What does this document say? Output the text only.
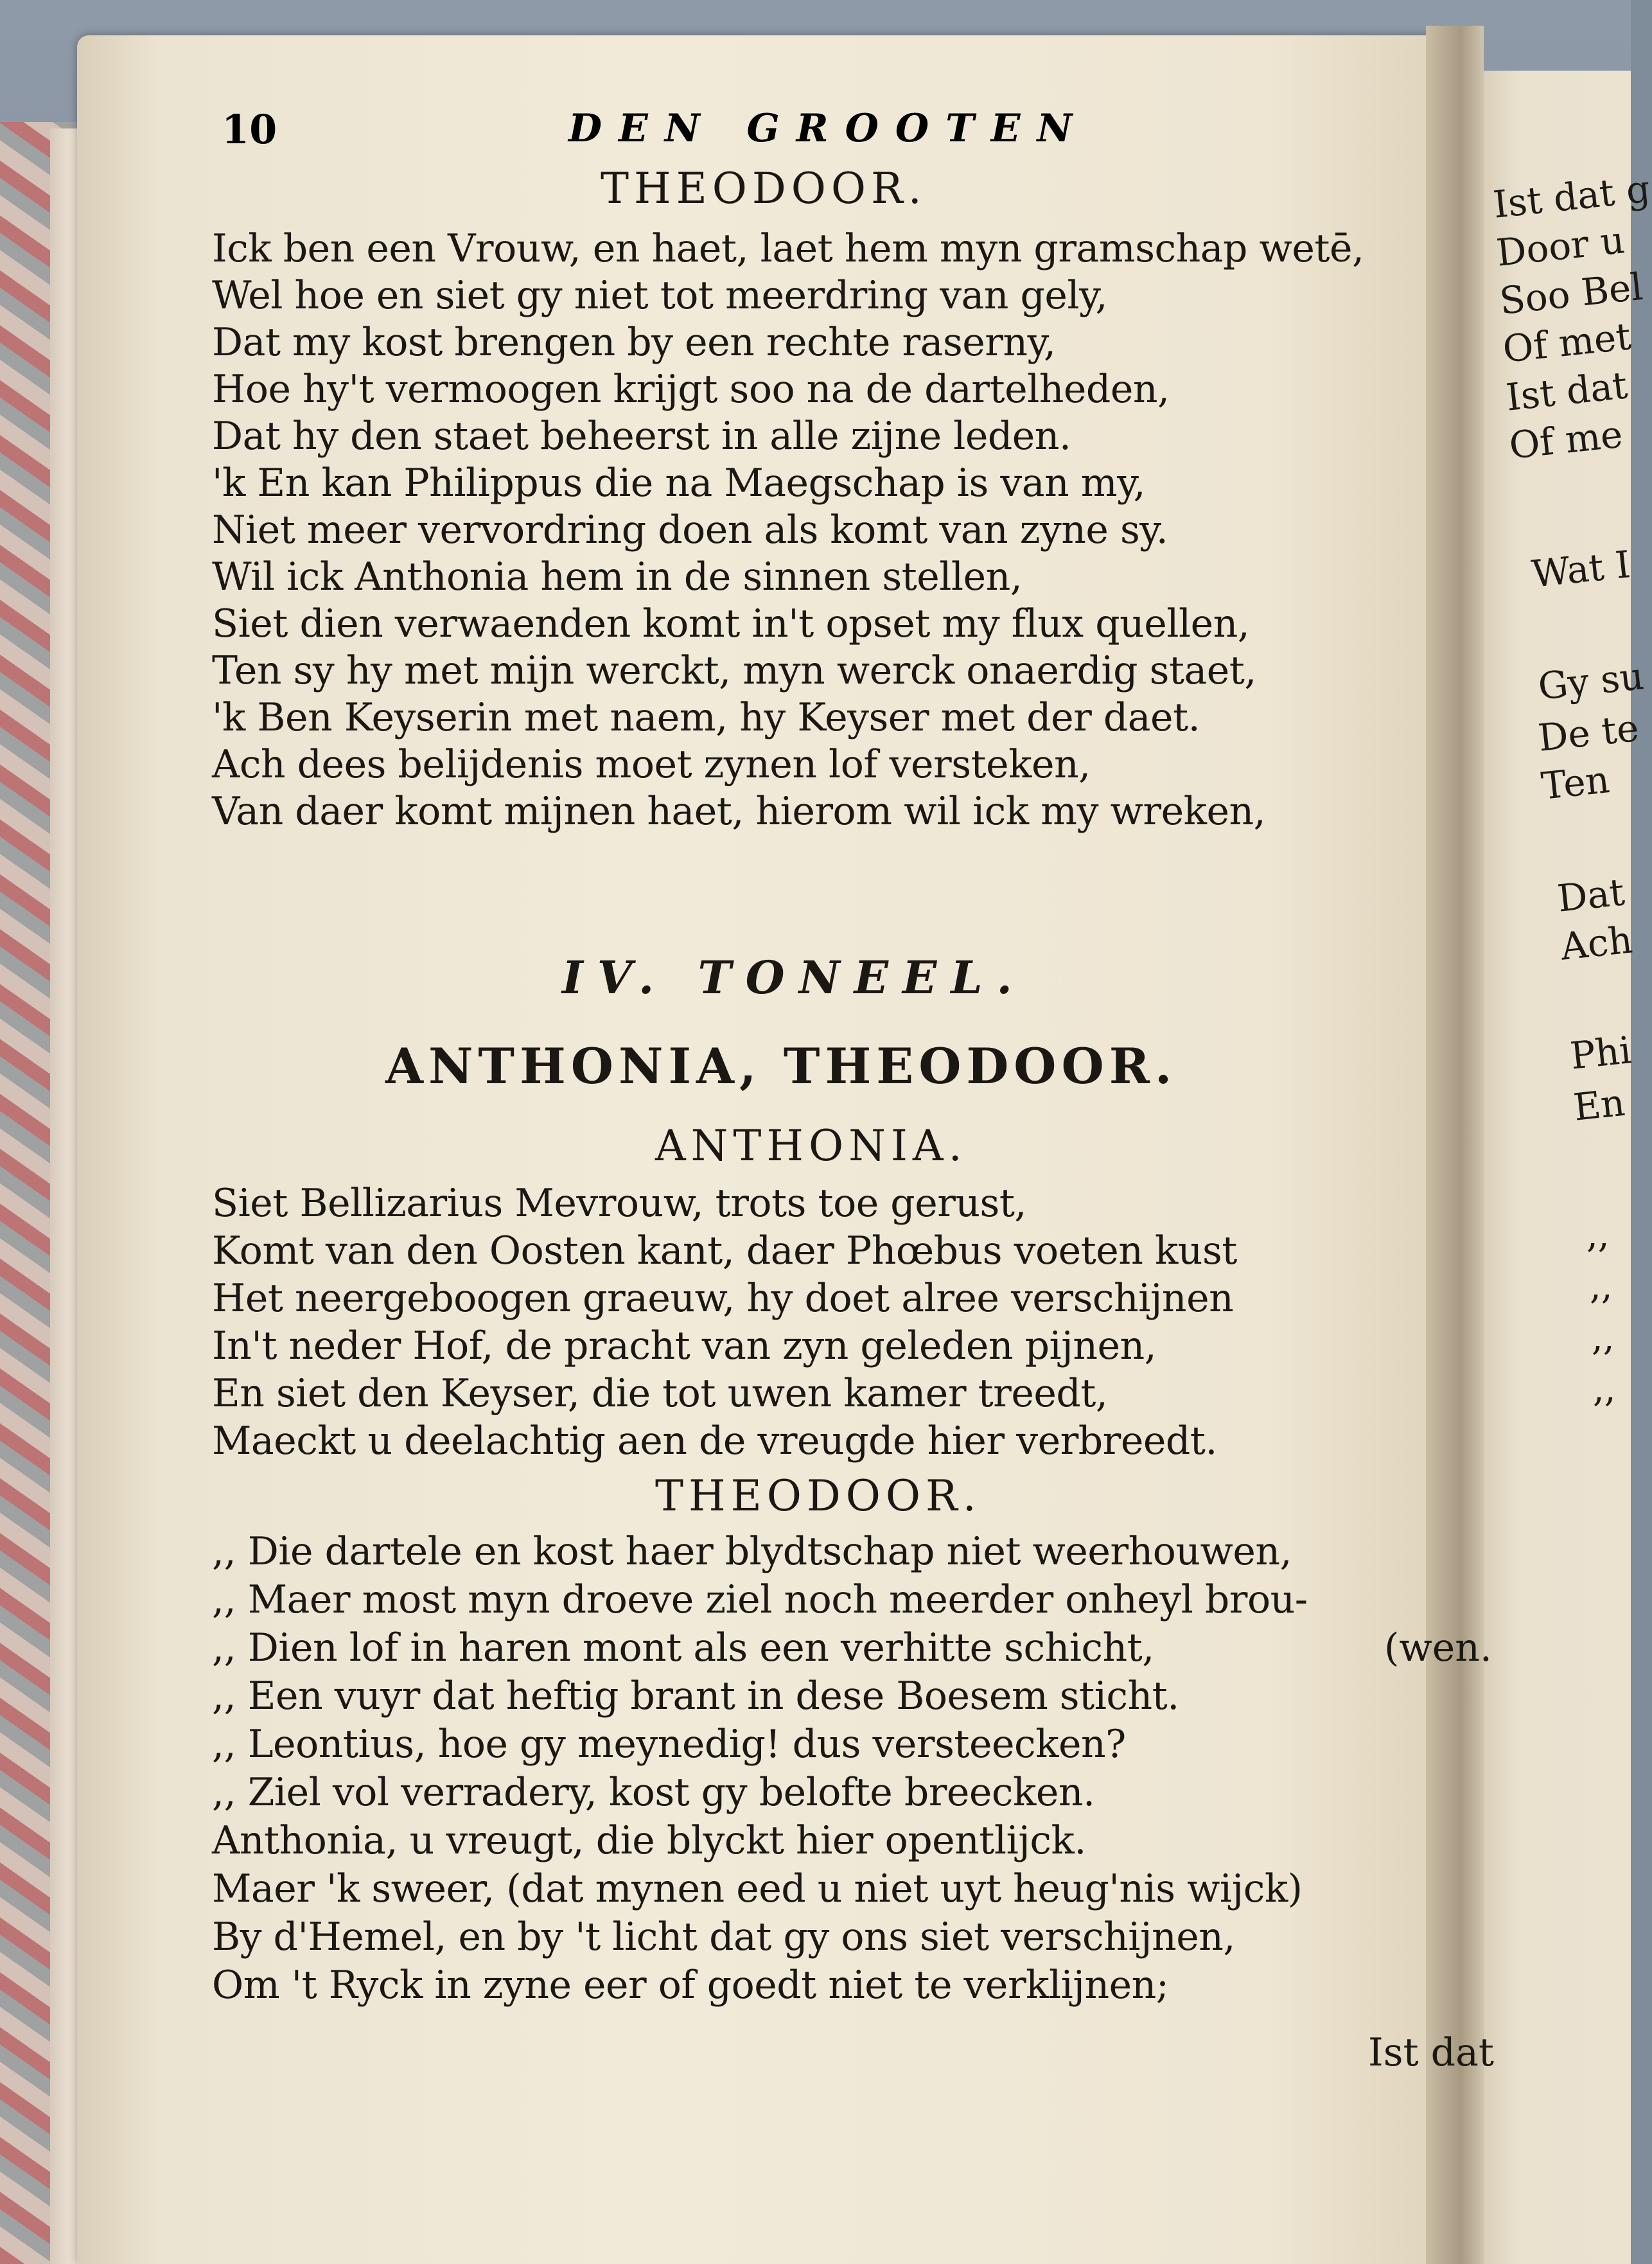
10	DEN GROOTEN
THEODOOR.
Ick ben een Vrouw, en haet, laet hem myn gramschap wetē,
Wel hoe en siet gy niet tot meerdring van gely,
Dat my kost brengen by een rechte raserny,
Hoe hy't vermoogen krijgt soo na de dartelheden,
Dat hy den staet beheerst in alle zijne leden.
'k En kan Philippus die na Maegschap is van my,
Niet meer vervordring doen als komt van zyne sy.
Wil ick Anthonia hem in de sinnen stellen,
Siet dien verwaenden komt in't opset my flux quellen,
Ten sy hy met mijn werckt, myn werck onaerdig staet,
'k Ben Keyserin met naem, hy Keyser met der daet.
Ach dees belijdenis moet zynen lof versteken,
Van daer komt mijnen haet, hierom wil ick my wreken,
IV. TONEEL.
ANTHONIA, THEODOOR.
ANTHONIA.
Siet Bellizarius Mevrouw, trots toe gerust,
Komt van den Oosten kant, daer Phœbus voeten kust
Het neergeboogen graeuw, hy doet alree verschijnen
In't neder Hof, de pracht van zyn geleden pijnen,
En siet den Keyser, die tot uwen kamer treedt,
Maeckt u deelachtig aen de vreugde hier verbreedt.
THEODOOR.
,, Die dartele en kost haer blydtschap niet weerhouwen,
,, Maer most myn droeve ziel noch meerder onheyl brou-
,, Dien lof in haren mont als een verhitte schicht,	(wen.
,, Een vuyr dat heftig brant in dese Boesem sticht.
,, Leontius, hoe gy meynedig! dus versteecken?
,, Ziel vol verradery, kost gy belofte breecken.
Anthonia, u vreugt, die blyckt hier opentlijck.
Maer 'k sweer, (dat mynen eed u niet uyt heug'nis wijck)
By d'Hemel, en by 't licht dat gy ons siet verschijnen,
Om 't Ryck in zyne eer of goedt niet te verklijnen;
Ist dat
Ist dat g
Door u
Soo Bel
Of met
Ist dat
Of me
Wat I
Gy su
De te
Ten
Dat
Ach
Phi
En
,,
,,
,,
,,
